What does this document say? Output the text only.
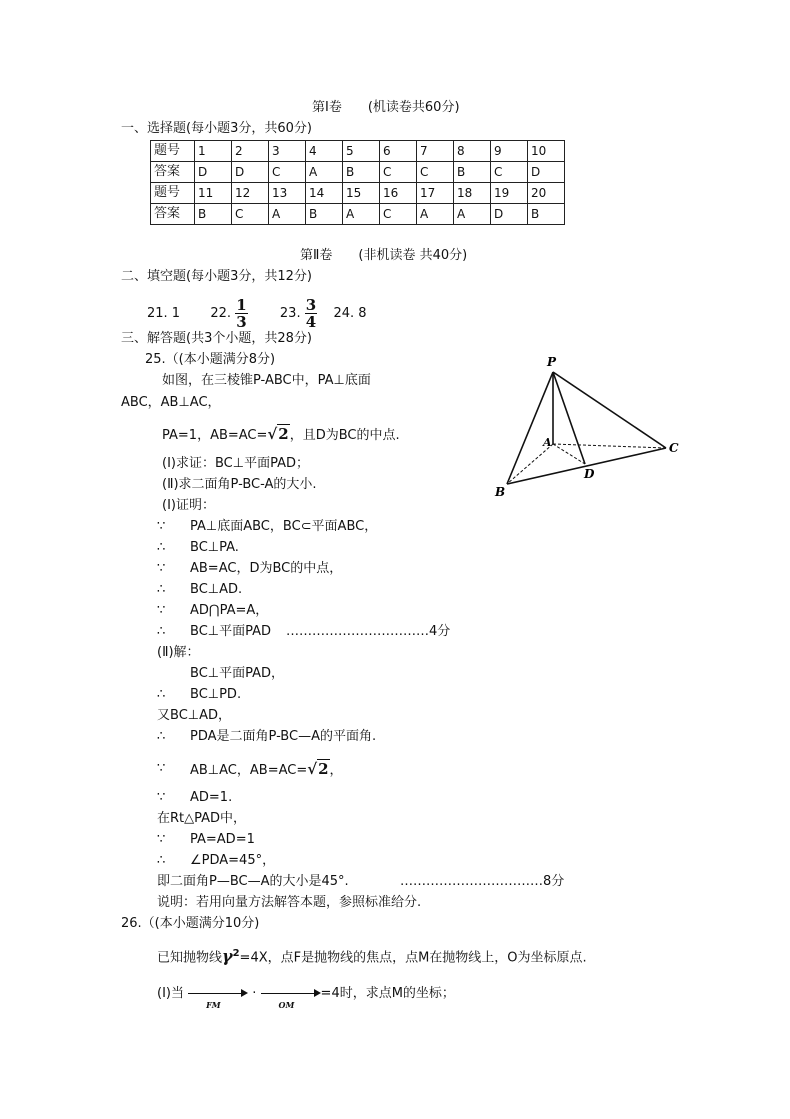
第Ⅰ卷　　(机读卷共60分)
一、选择题(每小题3分，共60分)
题号	1	2	3	4	5	6	7	8	9	10
答案	D	D	C	A	B	C	C	B	C	D
题号	11	12	13	14	15	16	17	18	19	20
答案	B	C	A	B	A	C	A	A	D	B
第Ⅱ卷　　(非机读卷 共40分)
二、填空题(每小题3分，共12分)
21. 1 22. $\frac{1}{3} 23$. $\frac{3}{4} 24$. 8
三、解答题(共3个小题，共28分)
25.（(本小题满分8分)
如图，在三棱锥P-ABC中，PA⊥底面
ABC，AB⊥AC，
PA=1，AB=AC=√2，且D为BC的中点.
(I)求证：BC⊥平面PAD；
(Ⅱ)求二面角P-BC-A的大小.
(I)证明：
∵ PA⊥底面ABC，BC⊂平面ABC，
∴ BC⊥PA.
∵ AB=AC，D为BC的中点，
∴ BC⊥AD.
∵ AD⋂PA=A，
∴ BC⊥平面PAD ……………………………4分
(Ⅱ)解：
BC⊥平面PAD，
∴ BC⊥PD.
又BC⊥AD，
∴ PDA是二面角P-BC—A的平面角.
∵ AB⊥AC，AB=AC=√2，
∵ AD=1.
在Rt△PAD中，
∵ PA=AD=1
∴ ∠PDA=45°，
即二面角P—BC—A的大小是45°.	……………………………8分
说明：若用向量方法解答本题，参照标准给分.
P
A
B
C
D
26.（(本小题满分10分)
已知抛物线$\gamma^2=4X$，点F是抛物线的焦点，点M在抛物线上，O为坐标原点.
(Ⅰ)当
FM
·
OM
=4时，求点M的坐标；
